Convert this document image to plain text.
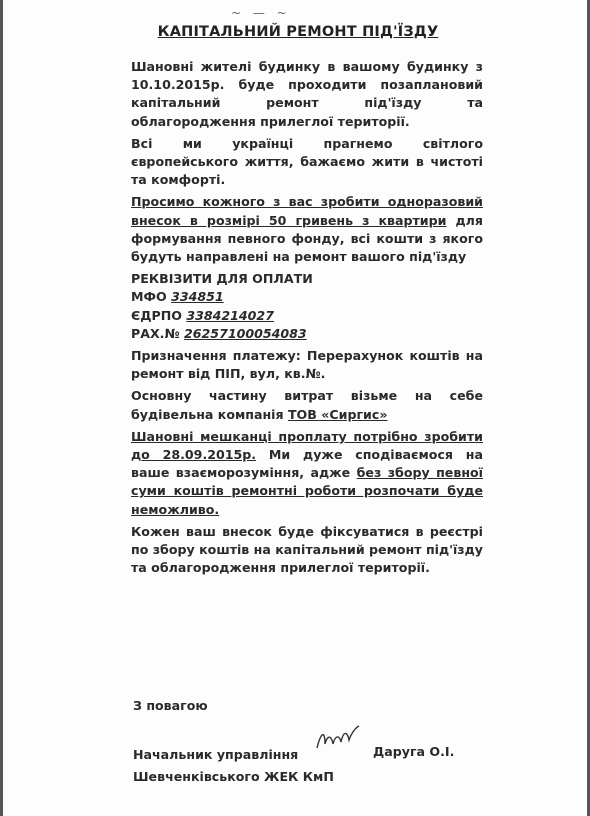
~ — ~
КАПІТАЛЬНИЙ РЕМОНТ ПІД'ЇЗДУ

Шановні жителі будинку в вашому будинку з 10.10.2015р. буде проходити позаплановий капітальний ремонт під'їзду та облагородження прилеглої території.

Всі ми українці прагнемо світлого європейського життя, бажаємо жити в чистоті та комфорті.

Просимо кожного з вас зробити одноразовий внесок в розмірі 50 гривень з квартири для формування певного фонду, всі кошти з якого будуть направлені на ремонт вашого під'їзду

РЕКВІЗИТИ ДЛЯ ОПЛАТИ

МФО 334851

ЄДРПО 3384214027

РАХ.№ 26257100054083

Призначення платежу: Перерахунок коштів на ремонт від ПІП, вул, кв.№.

Основну частину витрат візьме на себе будівельна компанія ТОВ «Сиргис»

Шановні мешканці проплату потрібно зробити до 28.09.2015р. Ми дуже сподіваємося на ваше взаєморозуміння, адже без збору певної суми коштів ремонтні роботи розпочати буде неможливо.

Кожен ваш внесок буде фіксуватися в реєстрі по збору коштів на капітальний ремонт під'їзду та облагородження прилеглої території.

З повагою
Начальник управління
Шевченківського ЖЕК КмП
Даруга О.І.
